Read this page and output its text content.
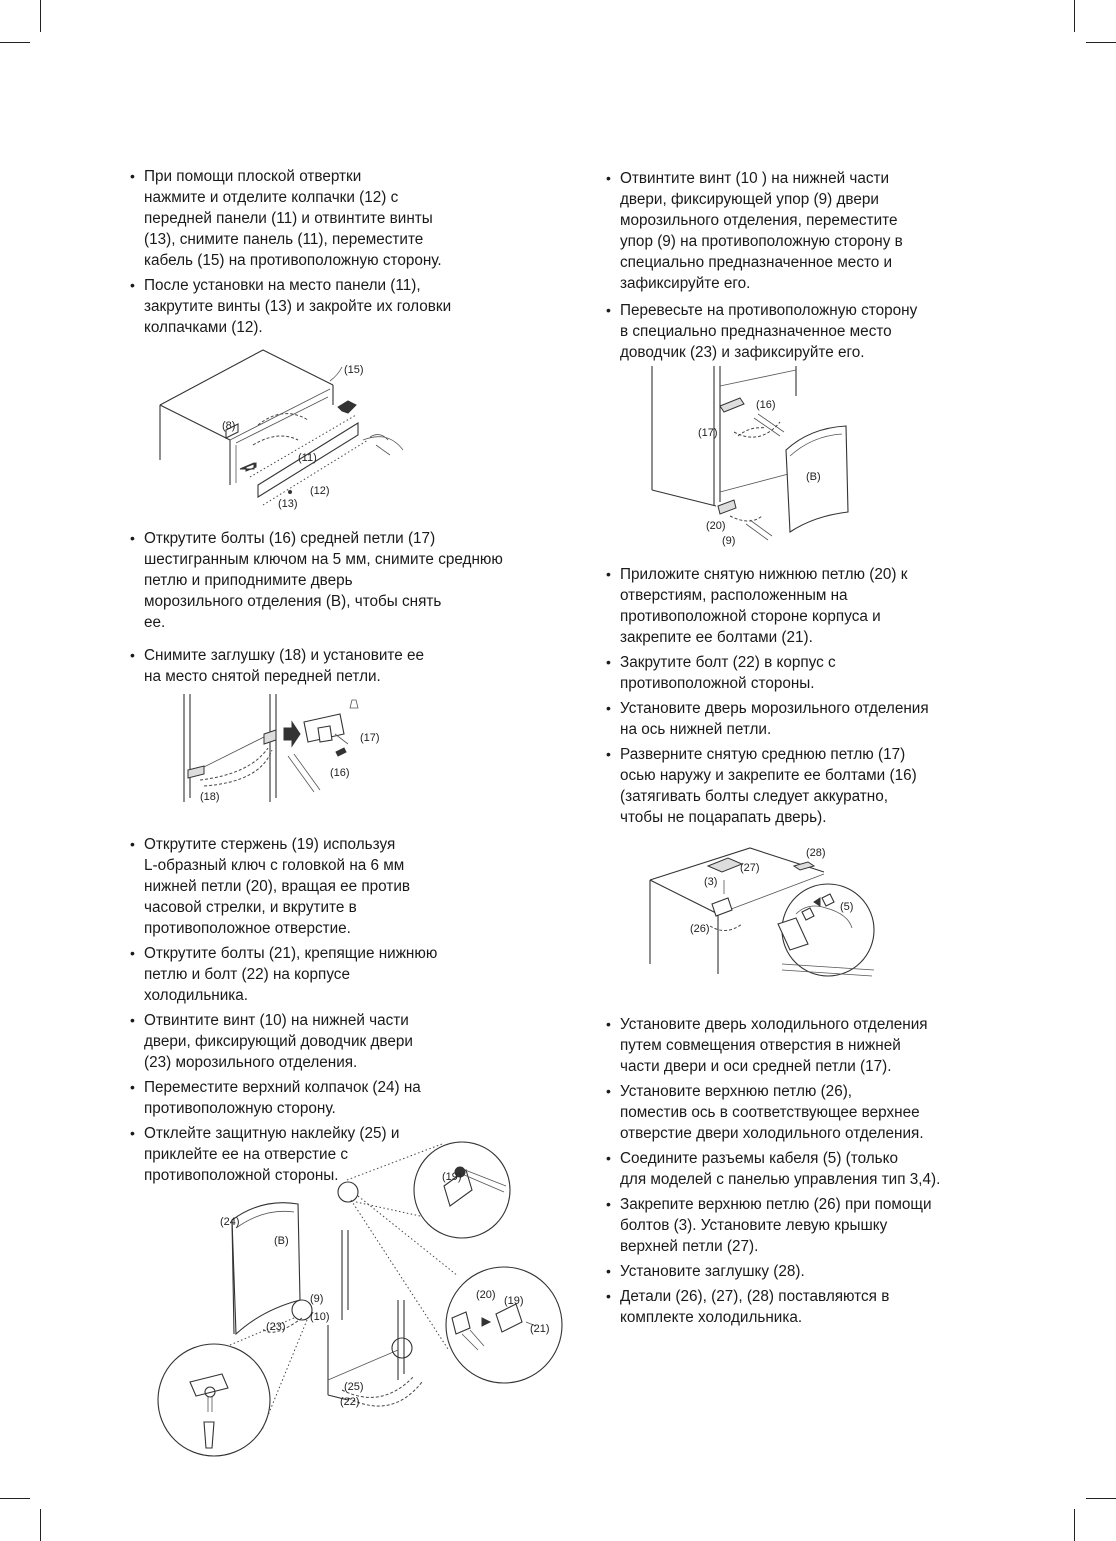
• При помощи плоской отвертки
нажмите и отделите колпачки (12) с
передней панели (11) и отвинтите винты
(13), снимите панель (11), переместите
кабель (15) на противоположную сторону.
• После установки на место панели (11),
закрутите винты (13) и закройте их головки
колпачками (12).
• Открутите болты (16) средней петли (17)
шестигранным ключом на 5 мм, снимите среднюю
петлю и приподнимите дверь
морозильного отделения (В), чтобы снять
ее.
• Снимите заглушку (18) и установите ее
на место снятой передней петли.
• Открутите стержень (19) используя
L-образный ключ с головкой на 6 мм
нижней петли (20), вращая ее против
часовой стрелки, и вкрутите в
противоположное отверстие.
• Открутите болты (21), крепящие нижнюю
петлю и болт (22) на корпусе
холодильника.
• Отвинтите винт (10) на нижней части
двери, фиксирующий доводчик двери
(23) морозильного отделения.
• Переместите верхний колпачок (24) на
противоположную сторону.
• Отклейте защитную наклейку (25) и
приклейте ее на отверстие с
противоположной стороны.
• Отвинтите винт (10 ) на нижней части
двери, фиксирующей упор (9) двери
морозильного отделения, переместите
упор (9) на противоположную сторону в
специально предназначенное место и
зафиксируйте его.
• Перевесьте на противоположную сторону
в специально предназначенное место
доводчик (23) и зафиксируйте его.
• Приложите снятую нижнюю петлю (20) к
отверстиям, расположенным на
противоположной стороне корпуса и
закрепите ее болтами (21).
• Закрутите болт (22) в корпус с
противоположной стороны.
• Установите дверь морозильного отделения
на ось нижней петли.
• Разверните снятую среднюю петлю (17)
осью наружу и закрепите ее болтами (16)
(затягивать болты следует аккуратно,
чтобы не поцарапать дверь).
• Установите дверь холодильного отделения
путем совмещения отверстия в нижней
части двери и оси средней петли (17).
• Установите верхнюю петлю (26),
поместив ось в соответствующее верхнее
отверстие двери холодильного отделения.
• Соедините разъемы кабеля (5) (только
для моделей с панелью управления тип 3,4).
• Закрепите верхнюю петлю (26) при помощи
болтов (3). Установите левую крышку
верхней петли (27).
• Установите заглушку (28).
• Детали (26), (27), (28) поставляются в
комплекте холодильника.
(15)
(8)
(11)
(12)
(13)
(17)
(16)
(18)
(24)
(B)
(9)
(10)
(23)
(25)
(22)
(19)
(20) (19)
(21)
(16)
(17)
(B)
(20)
(9)
(28)
(27)
(3)
(5)
(26)
